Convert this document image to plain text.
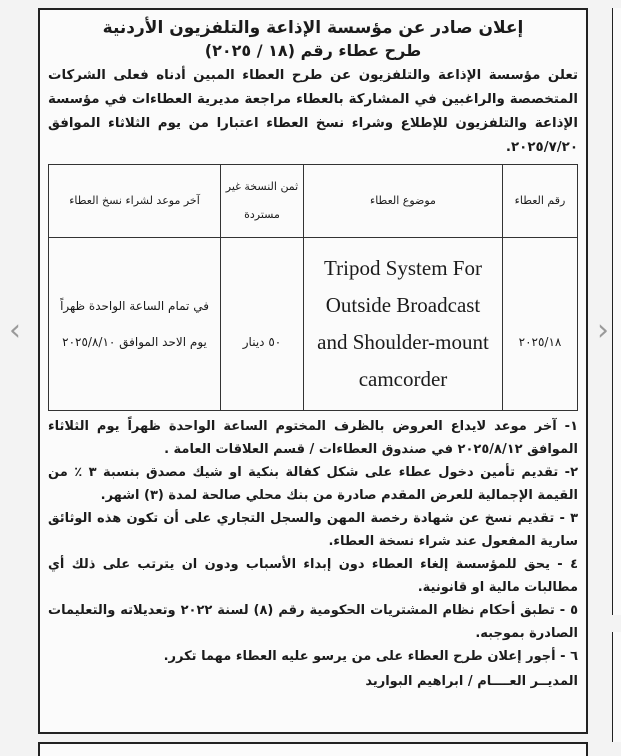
‹	›
إعلان صادر عن مؤسسة الإذاعة والتلفزيون الأردنية
طرح عطاء رقم (١٨ / ٢٠٢٥)
تعلن مؤسسة الإذاعة والتلفزيون عن طرح العطاء المبين أدناه فعلى الشركات المتخصصة والراغبين في المشاركة بالعطاء مراجعة مديرية العطاءات في مؤسسة الإذاعة والتلفزيون للإطلاع وشراء نسخ العطاء اعتبارا من يوم الثلاثاء الموافق ٢٠٢٥/٧/٢٠.
رقم العطاء	موضوع العطاء	ثمن النسخة غير مستردة	آخر موعد لشراء نسخ العطاء
٢٠٢٥/١٨	Tripod System For Outside Broadcast and Shoulder-mount camcorder	٥٠ دينار	في تمام الساعة الواحدة ظهراً يوم الاحد الموافق ٢٠٢٥/٨/١٠

١- آخر موعد لايداع العروض بالظرف المختوم الساعة الواحدة ظهراً يوم الثلاثاء الموافق ٢٠٢٥/٨/١٢ في صندوق العطاءات / قسم العلاقات العامة .

٢- تقديم تأمين دخول عطاء على شكل كفالة بنكية او شيك مصدق بنسبة ٣ ٪ من القيمة الإجمالية للعرض المقدم صادرة من بنك محلي صالحة لمدة (٣) اشهر.

٣ - تقديم نسخ عن شهادة رخصة المهن والسجل التجاري على أن تكون هذه الوثائق سارية المفعول عند شراء نسخة العطاء.

٤ - يحق للمؤسسة إلغاء العطاء دون إبداء الأسباب ودون ان يترتب على ذلك أي مطالبات مالية او قانونية.

٥ - تطبق أحكام نظام المشتريات الحكومية رقم (٨) لسنة ٢٠٢٢ وتعديلاته والتعليمات الصادرة بموجبه.

٦ - أجور إعلان طرح العطاء على من يرسو عليه العطاء مهما تكرر.

المديــر العــــام / ابراهيم البواريد
